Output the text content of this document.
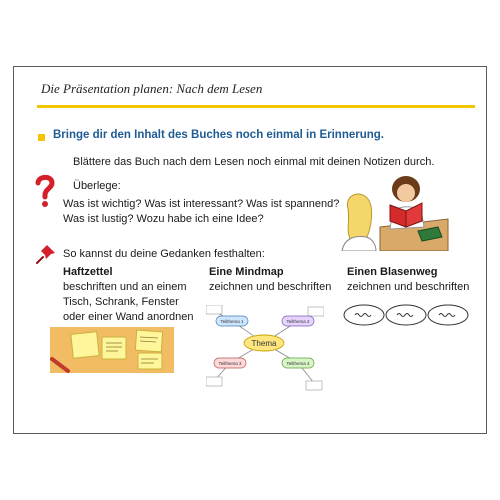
Die Präsentation planen: Nach dem Lesen
Bringe dir den Inhalt des Buches noch einmal in Erinnerung.
Blättere das Buch nach dem Lesen noch einmal mit deinen Notizen durch.
Überlege:
Was ist wichtig? Was ist interessant? Was ist spannend?
Was ist lustig? Wozu habe ich eine Idee?
So kannst du deine Gedanken festhalten:
Haftzettel
beschriften und an einem
Tisch, Schrank, Fenster
oder einer Wand anordnen
Eine Mindmap
zeichnen und beschriften
Einen Blasenweg
zeichnen und beschriften
Thema
Teilthema 1	Teilthema 2
Teilthema 3	Teilthema 4
